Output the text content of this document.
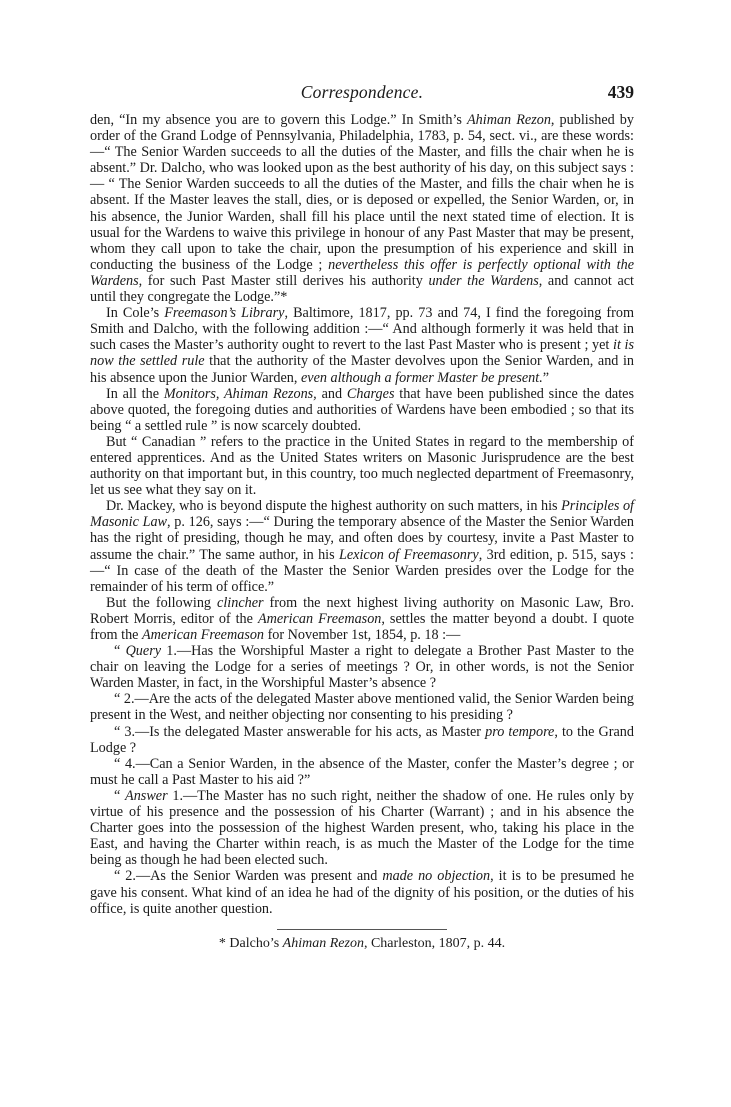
Correspondence.	439

den, “In my absence you are to govern this Lodge.” In Smith’s Ahiman Rezon, published by order of the Grand Lodge of Pennsylvania, Philadelphia, 1783, p. 54, sect. vi., are these words:—“ The Senior Warden succeeds to all the duties of the Master, and fills the chair when he is absent.” Dr. Dalcho, who was looked upon as the best authority of his day, on this subject says :— “ The Senior Warden succeeds to all the duties of the Master, and fills the chair when he is absent. If the Master leaves the stall, dies, or is deposed or expelled, the Senior Warden, or, in his absence, the Junior Warden, shall fill his place until the next stated time of election. It is usual for the Wardens to waive this privilege in honour of any Past Master that may be present, whom they call upon to take the chair, upon the presumption of his experience and skill in conducting the business of the Lodge ; nevertheless this offer is perfectly optional with the Wardens, for such Past Master still derives his authority under the Wardens, and cannot act until they congregate the Lodge.”*

In Cole’s Freemason’s Library, Baltimore, 1817, pp. 73 and 74, I find the foregoing from Smith and Dalcho, with the following addition :—“ And although formerly it was held that in such cases the Master’s authority ought to revert to the last Past Master who is present ; yet it is now the settled rule that the authority of the Master devolves upon the Senior Warden, and in his absence upon the Junior Warden, even although a former Master be present.”

In all the Monitors, Ahiman Rezons, and Charges that have been published since the dates above quoted, the foregoing duties and authorities of Wardens have been embodied ; so that its being “ a settled rule ” is now scarcely doubted.

But “ Canadian ” refers to the practice in the United States in regard to the membership of entered apprentices. And as the United States writers on Masonic Jurisprudence are the best authority on that important but, in this country, too much neglected department of Freemasonry, let us see what they say on it.

Dr. Mackey, who is beyond dispute the highest authority on such matters, in his Principles of Masonic Law, p. 126, says :—“ During the temporary absence of the Master the Senior Warden has the right of presiding, though he may, and often does by courtesy, invite a Past Master to assume the chair.” The same author, in his Lexicon of Freemasonry, 3rd edition, p. 515, says :—“ In case of the death of the Master the Senior Warden presides over the Lodge for the remainder of his term of office.”

But the following clincher from the next highest living authority on Masonic Law, Bro. Robert Morris, editor of the American Freemason, settles the matter beyond a doubt. I quote from the American Freemason for November 1st, 1854, p. 18 :—

“ Query 1.—Has the Worshipful Master a right to delegate a Brother Past Master to the chair on leaving the Lodge for a series of meetings ? Or, in other words, is not the Senior Warden Master, in fact, in the Worshipful Master’s absence ?

“ 2.—Are the acts of the delegated Master above mentioned valid, the Senior Warden being present in the West, and neither objecting nor consenting to his presiding ?

“ 3.—Is the delegated Master answerable for his acts, as Master pro tempore, to the Grand Lodge ?

“ 4.—Can a Senior Warden, in the absence of the Master, confer the Master’s degree ; or must he call a Past Master to his aid ?”

“ Answer 1.—The Master has no such right, neither the shadow of one. He rules only by virtue of his presence and the possession of his Charter (Warrant) ; and in his absence the Charter goes into the possession of the highest Warden present, who, taking his place in the East, and having the Charter within reach, is as much the Master of the Lodge for the time being as though he had been elected such.

“ 2.—As the Senior Warden was present and made no objection, it is to be presumed he gave his consent. What kind of an idea he had of the dignity of his position, or the duties of his office, is quite another question.

* Dalcho’s Ahiman Rezon, Charleston, 1807, p. 44.
